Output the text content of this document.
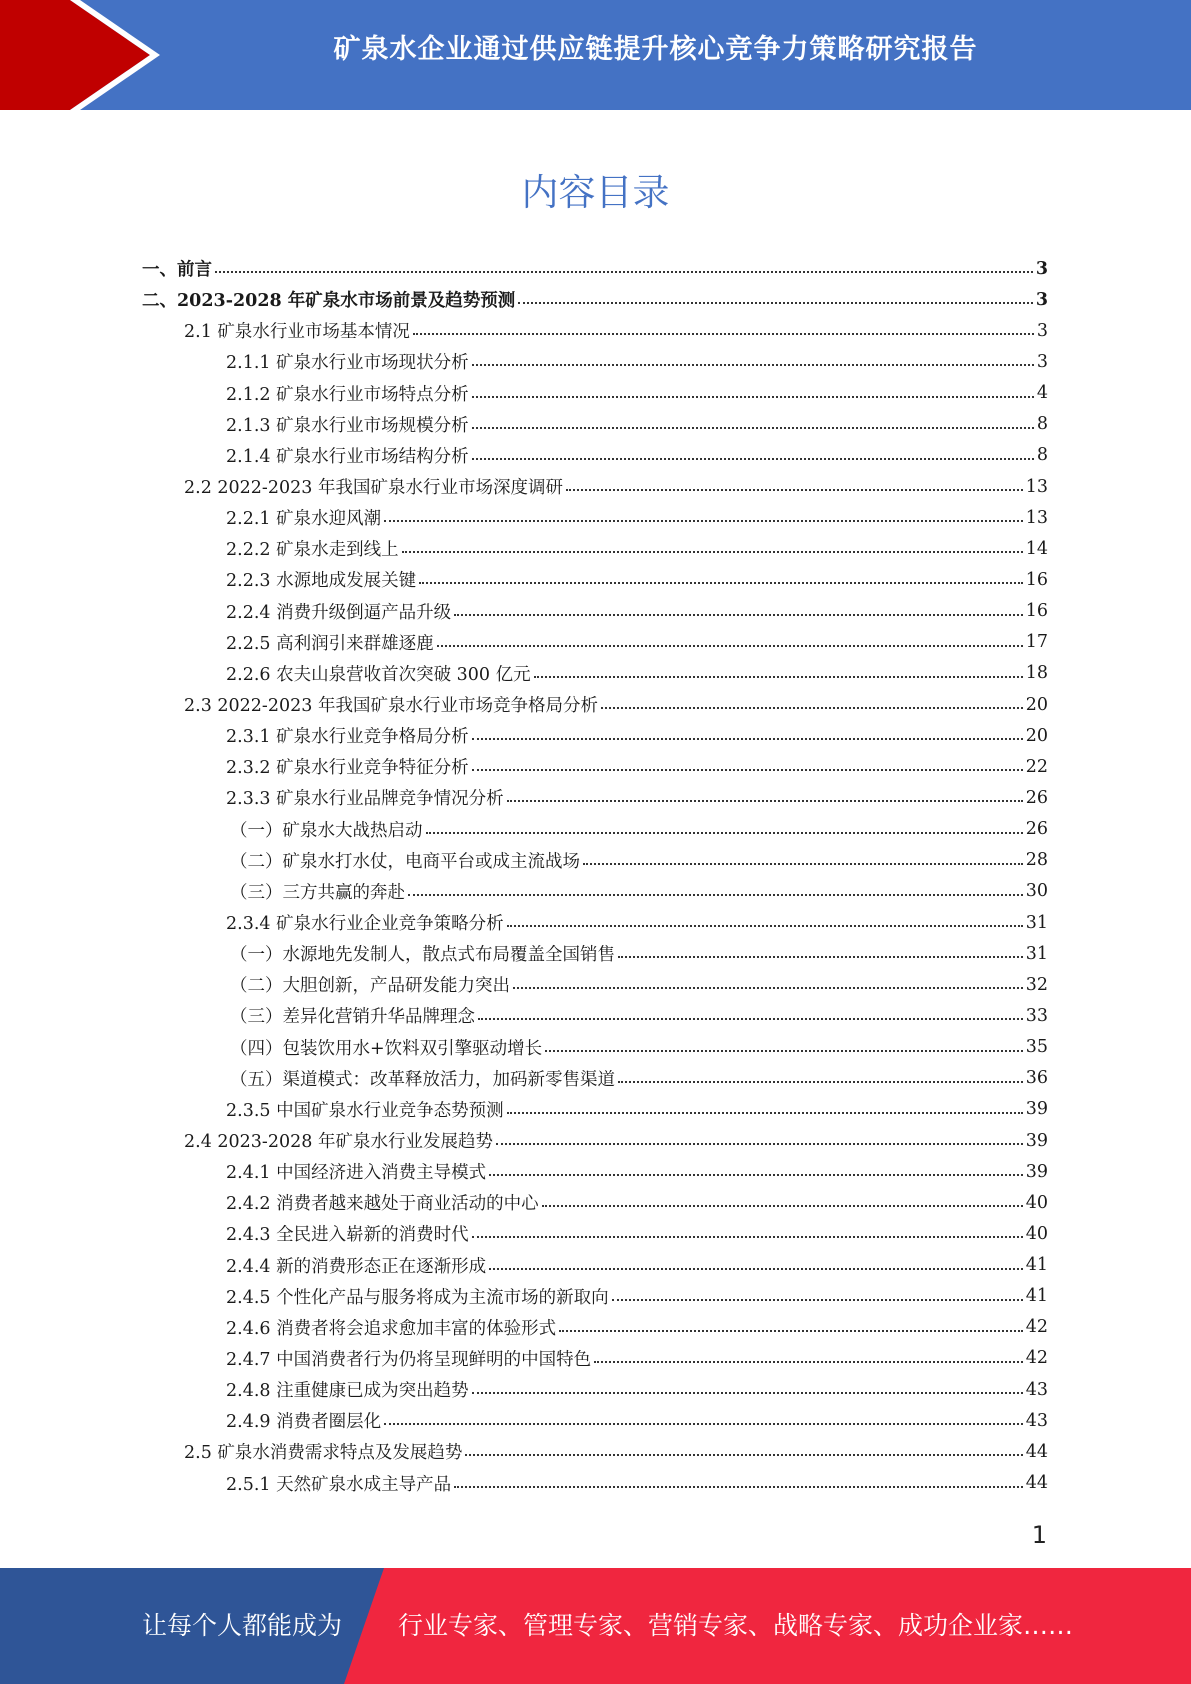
矿泉水企业通过供应链提升核心竞争力策略研究报告
内容目录
一、前言	3
二、2023-2028 年矿泉水市场前景及趋势预测	3
2.1 矿泉水行业市场基本情况	3
2.1.1 矿泉水行业市场现状分析	3
2.1.2 矿泉水行业市场特点分析	4
2.1.3 矿泉水行业市场规模分析	8
2.1.4 矿泉水行业市场结构分析	8
2.2 2022-2023 年我国矿泉水行业市场深度调研	13
2.2.1 矿泉水迎风潮	13
2.2.2 矿泉水走到线上	14
2.2.3 水源地成发展关键	16
2.2.4 消费升级倒逼产品升级	16
2.2.5 高利润引来群雄逐鹿	17
2.2.6 农夫山泉营收首次突破 300 亿元	18
2.3 2022-2023 年我国矿泉水行业市场竞争格局分析	20
2.3.1 矿泉水行业竞争格局分析	20
2.3.2 矿泉水行业竞争特征分析	22
2.3.3 矿泉水行业品牌竞争情况分析	26
（一）矿泉水大战热启动	26
（二）矿泉水打水仗，电商平台或成主流战场	28
（三）三方共赢的奔赴	30
2.3.4 矿泉水行业企业竞争策略分析	31
（一）水源地先发制人，散点式布局覆盖全国销售	31
（二）大胆创新，产品研发能力突出	32
（三）差异化营销升华品牌理念	33
（四）包装饮用水+饮料双引擎驱动增长	35
（五）渠道模式：改革释放活力，加码新零售渠道	36
2.3.5 中国矿泉水行业竞争态势预测	39
2.4 2023-2028 年矿泉水行业发展趋势	39
2.4.1 中国经济进入消费主导模式	39
2.4.2 消费者越来越处于商业活动的中心	40
2.4.3 全民进入崭新的消费时代	40
2.4.4 新的消费形态正在逐渐形成	41
2.4.5 个性化产品与服务将成为主流市场的新取向	41
2.4.6 消费者将会追求愈加丰富的体验形式	42
2.4.7 中国消费者行为仍将呈现鲜明的中国特色	42
2.4.8 注重健康已成为突出趋势	43
2.4.9 消费者圈层化	43
2.5 矿泉水消费需求特点及发展趋势	44
2.5.1 天然矿泉水成主导产品	44
1
让每个人都能成为 行业专家、管理专家、营销专家、战略专家、成功企业家……
